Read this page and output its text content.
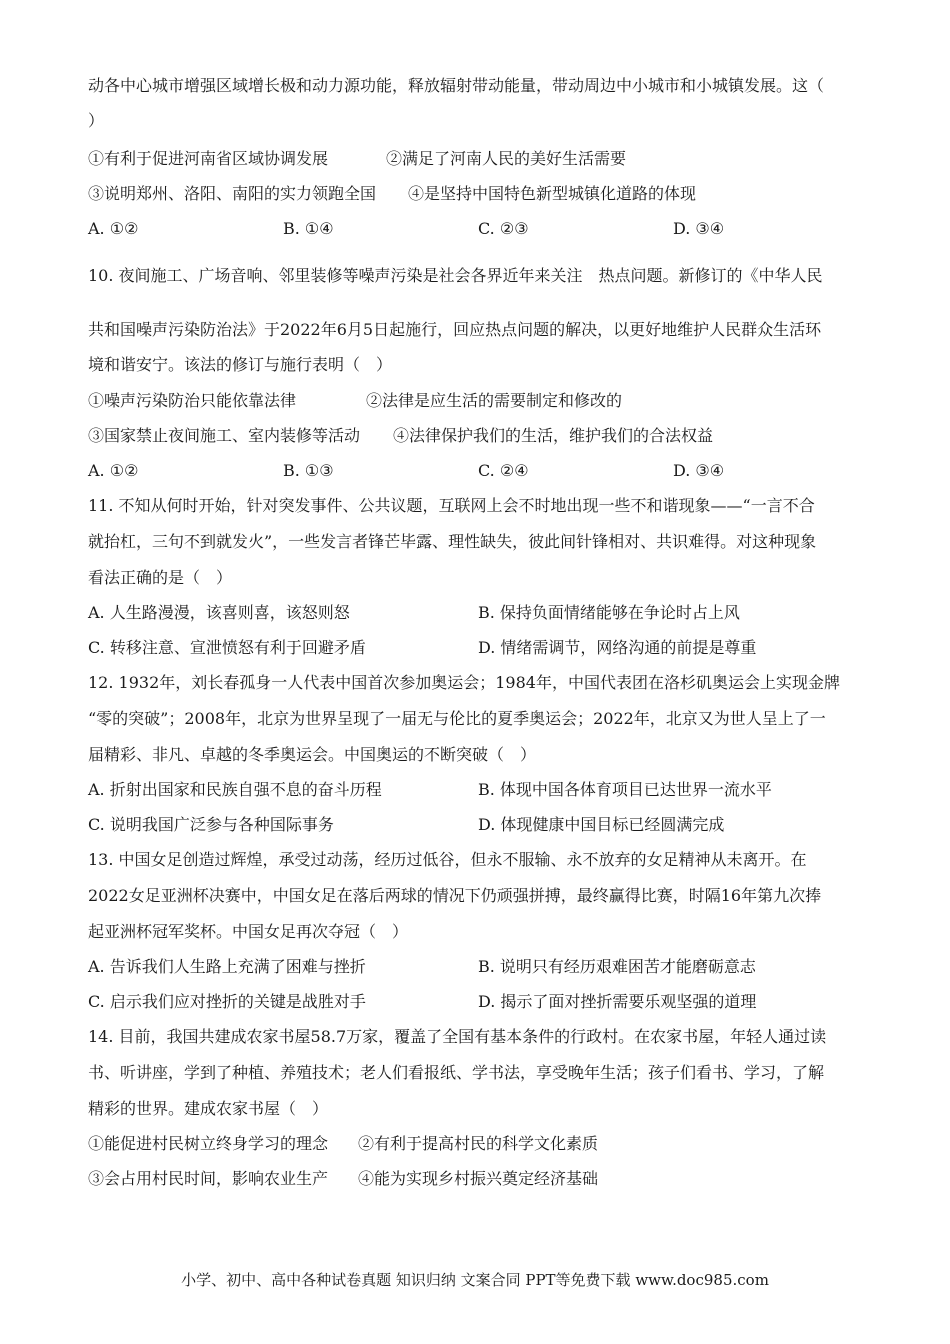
动各中心城市增强区域增长极和动力源功能，释放辐射带动能量，带动周边中小城市和小城镇发展。这（
）
①有利于促进河南省区域协调发展	②满足了河南人民的美好生活需要
③说明郑州、洛阳、南阳的实力领跑全国	④是坚持中国特色新型城镇化道路的体现
A. ①②	B. ①④	C. ②③	D. ③④
10. 夜间施工、广场音响、邻里装修等噪声污染是社会各界近年来关注　热点问题。新修订的《中华人民
共和国噪声污染防治法》于2022年6月5日起施行，回应热点问题的解决，以更好地维护人民群众生活环
境和谐安宁。该法的修订与施行表明（　）
①噪声污染防治只能依靠法律	②法律是应生活的需要制定和修改的
③国家禁止夜间施工、室内装修等活动	④法律保护我们的生活，维护我们的合法权益
A. ①②	B. ①③	C. ②④	D. ③④
11. 不知从何时开始，针对突发事件、公共议题，互联网上会不时地出现一些不和谐现象——“一言不合
就抬杠，三句不到就发火”，一些发言者锋芒毕露、理性缺失，彼此间针锋相对、共识难得。对这种现象
看法正确的是（　）
A. 人生路漫漫，该喜则喜，该怒则怒	B. 保持负面情绪能够在争论时占上风
C. 转移注意、宣泄愤怒有利于回避矛盾	D. 情绪需调节，网络沟通的前提是尊重
12. 1932年，刘长春孤身一人代表中国首次参加奥运会；1984年，中国代表团在洛杉矶奥运会上实现金牌
“零的突破”；2008年，北京为世界呈现了一届无与伦比的夏季奥运会；2022年，北京又为世人呈上了一
届精彩、非凡、卓越的冬季奥运会。中国奥运的不断突破（　）
A. 折射出国家和民族自强不息的奋斗历程	B. 体现中国各体育项目已达世界一流水平
C. 说明我国广泛参与各种国际事务	D. 体现健康中国目标已经圆满完成
13. 中国女足创造过辉煌，承受过动荡，经历过低谷，但永不服输、永不放弃的女足精神从未离开。在
2022女足亚洲杯决赛中，中国女足在落后两球的情况下仍顽强拼搏，最终赢得比赛，时隔16年第九次捧
起亚洲杯冠军奖杯。中国女足再次夺冠（　）
A. 告诉我们人生路上充满了困难与挫折	B. 说明只有经历艰难困苦才能磨砺意志
C. 启示我们应对挫折的关键是战胜对手	D. 揭示了面对挫折需要乐观坚强的道理
14. 目前，我国共建成农家书屋58.7万家，覆盖了全国有基本条件的行政村。在农家书屋，年轻人通过读
书、听讲座，学到了种植、养殖技术；老人们看报纸、学书法，享受晚年生活；孩子们看书、学习，了解
精彩的世界。建成农家书屋（　）
①能促进村民树立终身学习的理念	②有利于提高村民的科学文化素质
③会占用村民时间，影响农业生产	④能为实现乡村振兴奠定经济基础
小学、初中、高中各种试卷真题 知识归纳 文案合同 PPT等免费下载 www.doc985.com
